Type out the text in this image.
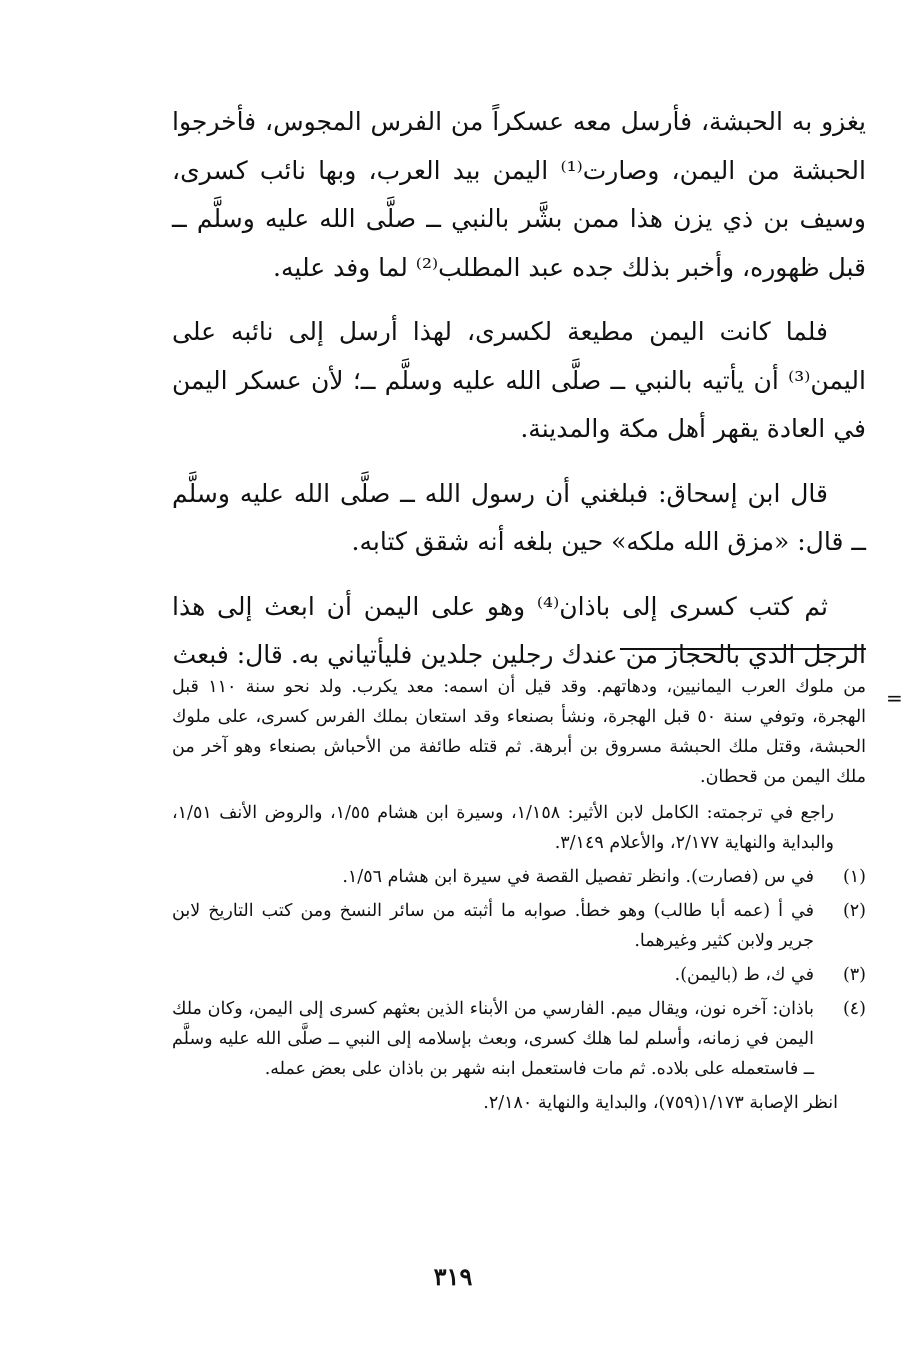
يغزو به الحبشة، فأرسل معه عسكراً من الفرس المجوس، فأخرجوا الحبشة من اليمن، وصارت⁽¹⁾ اليمن بيد العرب، وبها نائب كسرى، وسيف بن ذي يزن هذا ممن بشَّر بالنبي ــ صلَّى الله عليه وسلَّم ــ قبل ظهوره، وأخبر بذلك جده عبد المطلب⁽²⁾ لما وفد عليه.

فلما كانت اليمن مطيعة لكسرى، لهذا أرسل إلى نائبه على اليمن⁽³⁾ أن يأتيه بالنبي ــ صلَّى الله عليه وسلَّم ــ؛ لأن عسكر اليمن في العادة يقهر أهل مكة والمدينة.

قال ابن إسحاق: فبلغني أن رسول الله ــ صلَّى الله عليه وسلَّم ــ قال: «مزق الله ملكه» حين بلغه أنه شقق كتابه.

ثم كتب كسرى إلى باذان⁽⁴⁾ وهو على اليمن أن ابعث إلى هذا الرجل الذي بالحجاز من عندك رجلين جلدين فليأتياني به. قال: فبعث

=
من ملوك العرب اليمانيين، ودهاتهم. وقد قيل أن اسمه: معد يكرب. ولد نحو سنة ١١٠ قبل الهجرة، وتوفي سنة ٥٠ قبل الهجرة، ونشأ بصنعاء وقد استعان بملك الفرس كسرى، على ملوك الحبشة، وقتل ملك الحبشة مسروق بن أبرهة. ثم قتله طائفة من الأحباش بصنعاء وهو آخر من ملك اليمن من قحطان.
راجع في ترجمته: الكامل لابن الأثير: ١/١٥٨، وسيرة ابن هشام ١/٥٥، والروض الأنف ١/٥١، والبداية والنهاية ٢/١٧٧، والأعلام ٣/١٤٩.
(١)
في س (فصارت). وانظر تفصيل القصة في سيرة ابن هشام ١/٥٦.
(٢)
في أ (عمه أبا طالب) وهو خطأ. صوابه ما أثبته من سائر النسخ ومن كتب التاريخ لابن جرير ولابن كثير وغيرهما.
(٣)
في ك، ط (باليمن).
(٤)
باذان: آخره نون، ويقال ميم. الفارسي من الأبناء الذين بعثهم كسرى إلى اليمن، وكان ملك اليمن في زمانه، وأسلم لما هلك كسرى، وبعث بإسلامه إلى النبي ــ صلَّى الله عليه وسلَّم ــ فاستعمله على بلاده. ثم مات فاستعمل ابنه شهر بن باذان على بعض عمله.
انظر الإصابة ١/١٧٣(٧٥٩)، والبداية والنهاية ٢/١٨٠.
٣١٩
